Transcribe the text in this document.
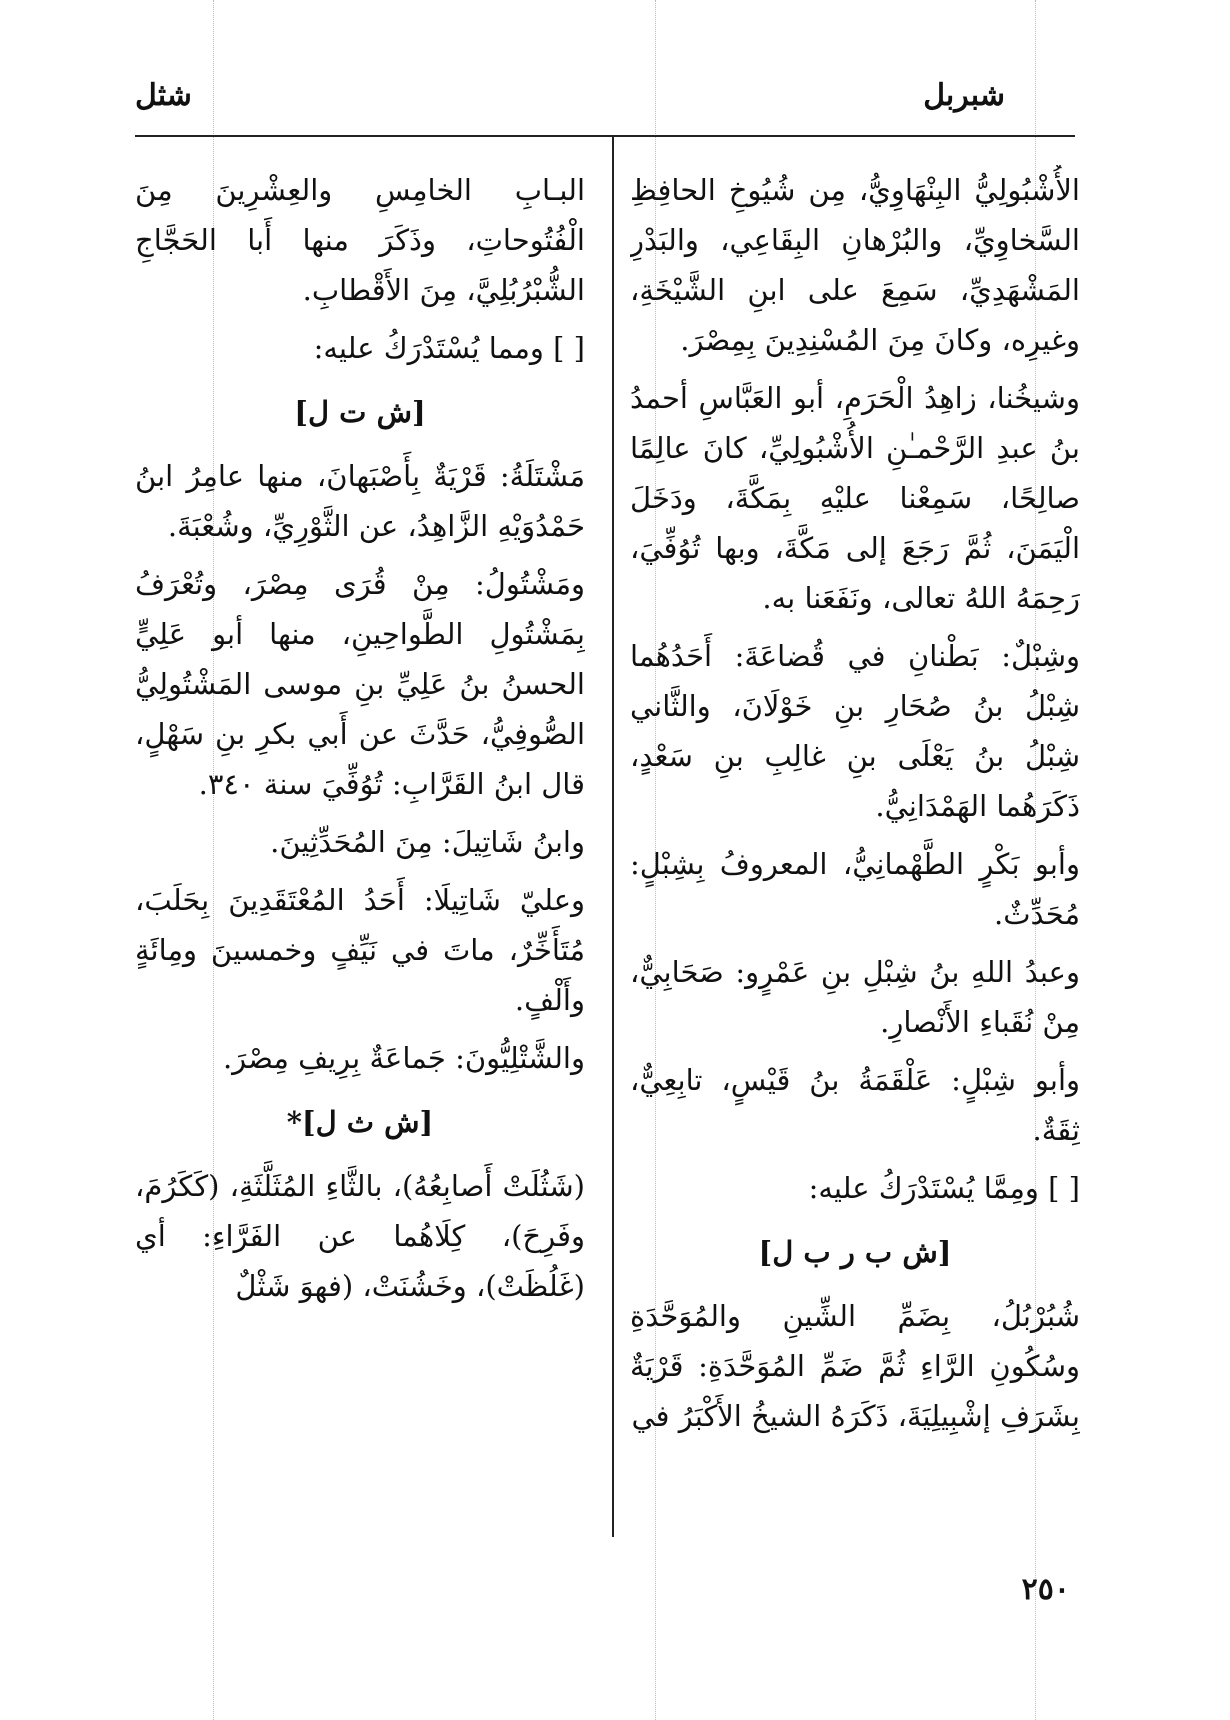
شبربل
شثل

الأُشْبُولِيُّ البِنْهَاوِيُّ، مِن شُيُوخِ الحافِظِ السَّخاوِيِّ، والبُرْهانِ البِقَاعِي، والبَدْرِ المَشْهَدِيِّ، سَمِعَ على ابنِ الشَّيْخَةِ، وغيرِه، وكانَ مِنَ المُسْنِدِينَ بِمِصْرَ.

وشيخُنا، زاهِدُ الْحَرَمِ، أبو العَبَّاسِ أحمدُ بنُ عبدِ الرَّحْمـٰنِ الأُشْبُولِيِّ، كانَ عالِمًا صالِحًا، سَمِعْنا عليْهِ بِمَكَّةَ، ودَخَلَ الْيَمَنَ، ثُمَّ رَجَعَ إلى مَكَّةَ، وبها تُوُفِّيَ، رَحِمَهُ اللهُ تعالى، ونَفَعَنا به.

وشِبْلٌ: بَطْنانِ في قُضاعَةَ: أَحَدُهُما شِبْلُ بنُ صُحَارِ بنِ خَوْلَانَ، والثَّاني شِبْلُ بنُ يَعْلَى بنِ غالِبِ بنِ سَعْدٍ، ذَكَرَهُما الهَمْدَانِيُّ.

وأبو بَكْرٍ الطَّهْمانِيُّ، المعروفُ بِشِبْلٍ: مُحَدِّثٌ.

وعبدُ اللهِ بنُ شِبْلِ بنِ عَمْرٍو: صَحَابِيٌّ، مِنْ نُقَباءِ الأَنْصارِ.

وأبو شِبْلٍ: عَلْقَمَةُ بنُ قَيْسٍ، تابِعِيٌّ، ثِقَةٌ.

[ ] ومِمَّا يُسْتَدْرَكُ عليه:

[ش ب ر ب ل]

شُبُرْبُلُ، بِضَمِّ الشِّينِ والمُوَحَّدَةِ وسُكُونِ الرَّاءِ ثُمَّ ضَمِّ المُوَحَّدَةِ: قَرْيَةٌ بِشَرَفِ إشْبِيلِيَةَ، ذَكَرَهُ الشيخُ الأَكْبَرُ في

البـابِ الخامِسِ والعِشْرِينَ مِنَ الْفُتُوحاتِ، وذَكَرَ منها أَبا الحَجَّاجِ الشُّبْرُبُلِيَّ، مِنَ الأَقْطابِ.

[ ] ومما يُسْتَدْرَكُ عليه:

[ش ت ل]

مَشْتَلَةُ: قَرْيَةٌ بِأَصْبَهانَ، منها عامِرُ ابنُ حَمْدُوَيْهِ الزَّاهِدُ، عن الثَّوْرِيِّ، وشُعْبَةَ.

ومَشْتُولُ: مِنْ قُرَى مِصْرَ، وتُعْرَفُ بِمَشْتُولِ الطَّواحِينِ، منها أبو عَلِيٍّ الحسنُ بنُ عَلِيِّ بنِ موسى المَشْتُولِيُّ الصُّوفِيُّ، حَدَّثَ عن أَبي بكرِ بنِ سَهْلٍ، قال ابنُ القَرَّابِ: تُوُفِّيَ سنة ٣٤٠.

وابنُ شَاتِيلَ: مِنَ المُحَدِّثِينَ.

وعليّ شَاتِيلَا: أَحَدُ المُعْتَقَدِينَ بِحَلَبَ، مُتَأَخِّرٌ، ماتَ في نَيِّفٍ وخمسينَ ومِائَةٍ وأَلْفٍ.

والشَّتْلِيُّونَ: جَماعَةٌ بِرِيفِ مِصْرَ.

[ش ث ل]*

(شَثُلَتْ أَصابِعُهُ)، بالثَّاءِ المُثَلَّثَةِ، (كَكَرُمَ، وفَرِحَ)، كِلَاهُما عن الفَرَّاءِ: أي (غَلُظَتْ)، وخَشُنَتْ، (فهوَ شَثْلٌ

٢٥٠
